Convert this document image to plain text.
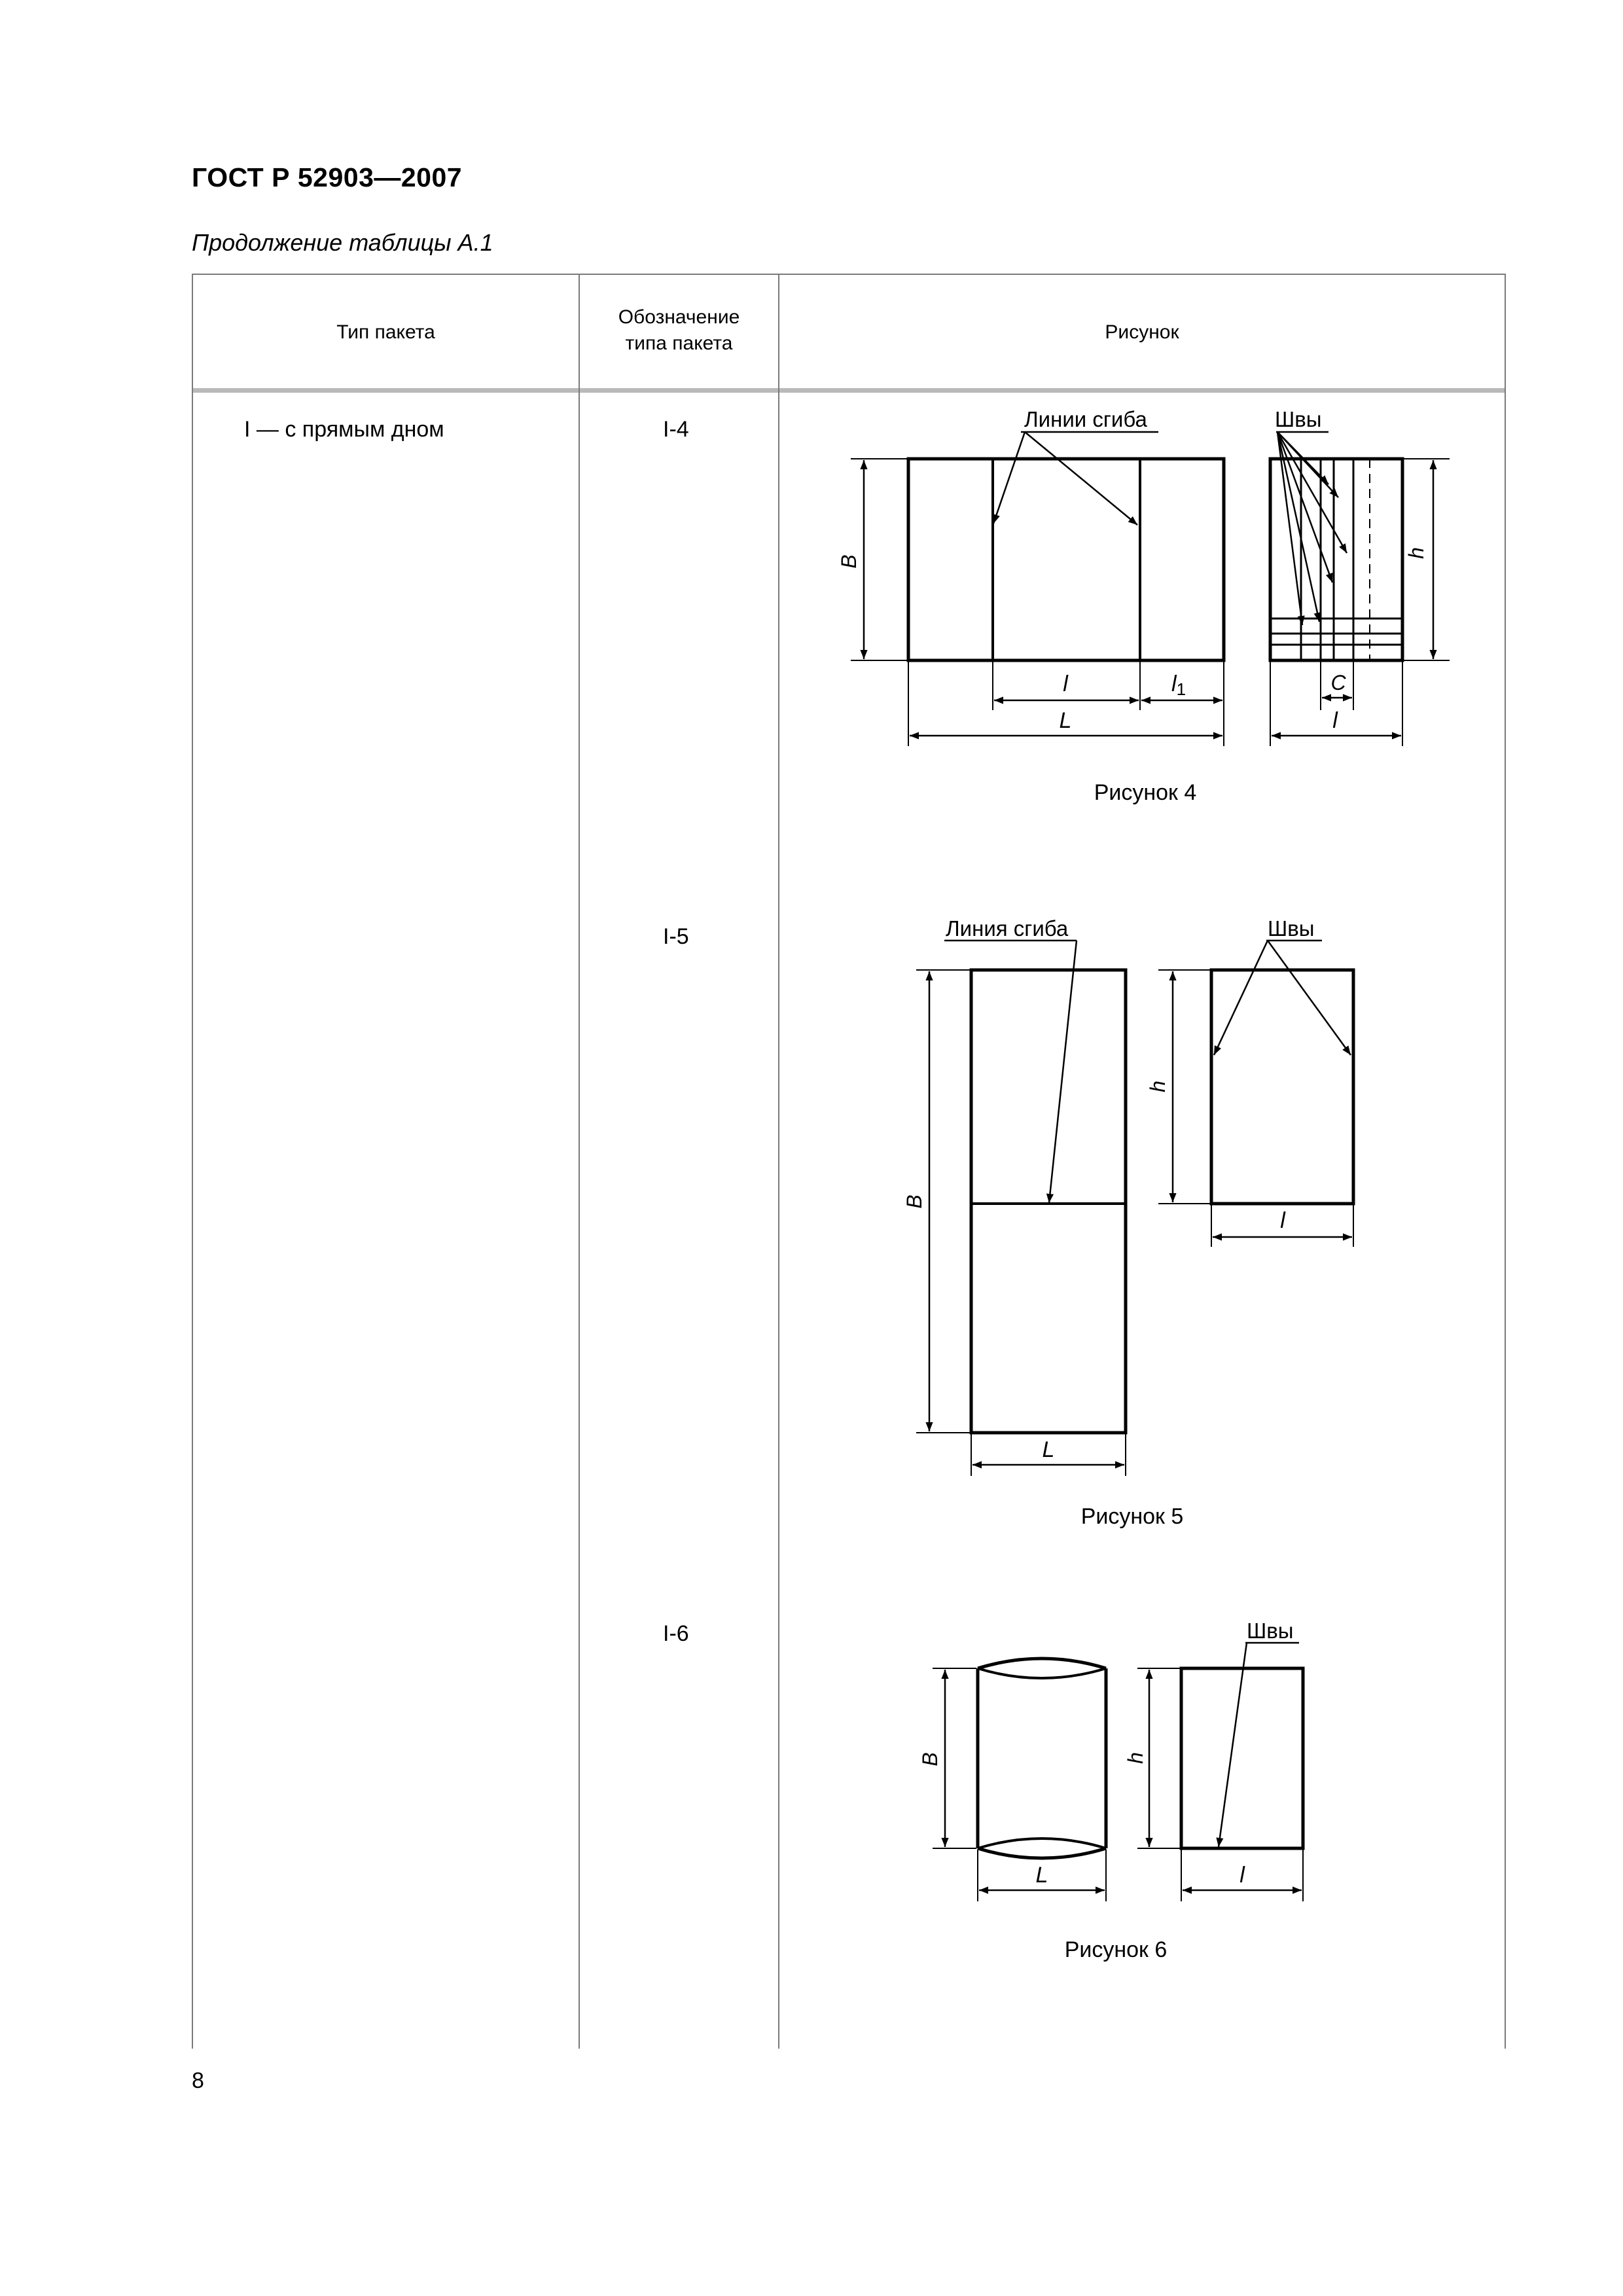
ГОСТ Р 52903—2007
Продолжение таблицы А.1
Тип пакета
Обозначение
типа пакета
Рисунок
I — с прямым дном	I-4
I-5
I-6
Линии сгиба
B
l	l1
L
Швы
h
C
l
Рисунок 4
Линия сгиба
B
L
Швы
h
l
Рисунок 5
B
L
Швы
h
l
Рисунок 6
8
